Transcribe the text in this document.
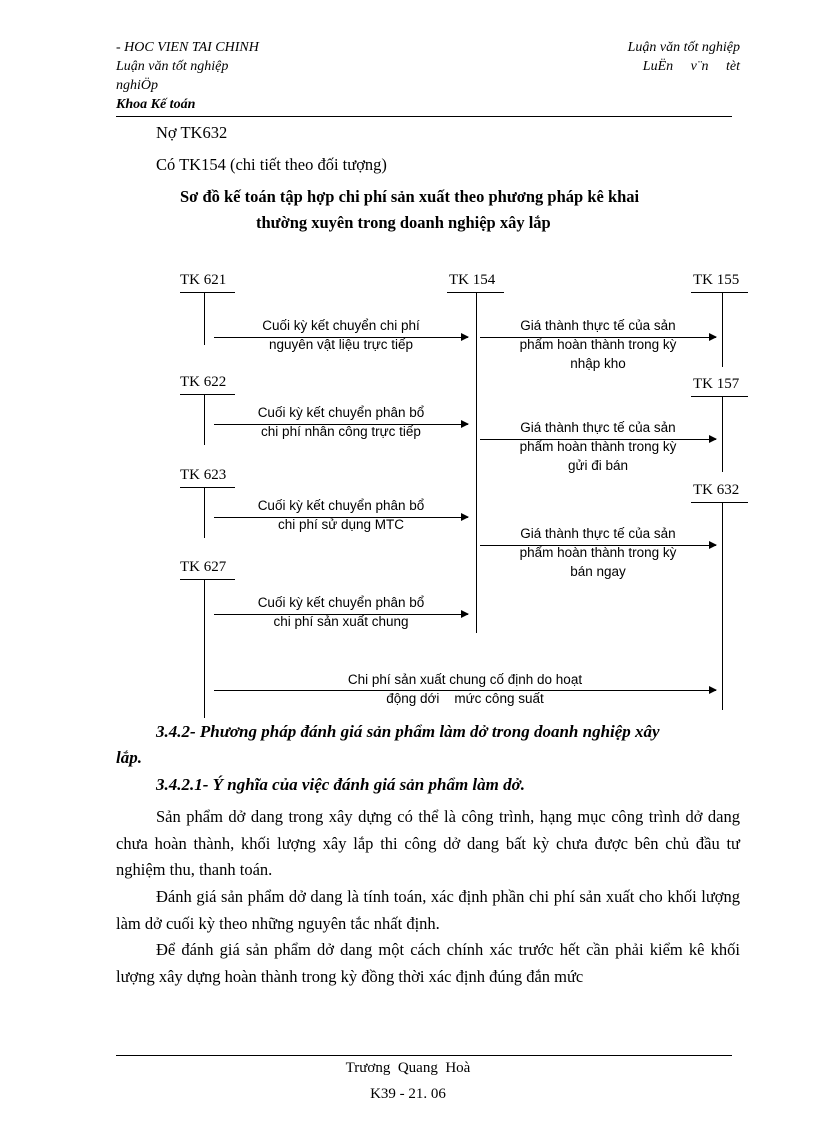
- HOC VIEN TAI CHINH
Luận văn tốt nghiệp
nghiÖp
Khoa Kế toán
Luận văn tốt nghiệp
LuËn     v¨n     tèt
Nợ TK632
Có TK154 (chi tiết theo đối tượng)
Sơ đồ kế toán tập hợp chi phí sản xuất theo phương pháp kê khai
thường xuyên trong doanh nghiệp xây lắp
TK 621	TK 154	TK 155
TK 622	TK 157
TK 623
TK 632
TK 627
Cuối kỳ kết chuyển chi phí
nguyên vật liệu trực tiếp
Cuối kỳ kết chuyển phân bổ
chi phí nhân công trực tiếp
Cuối kỳ kết chuyển phân bổ
chi phí sử dụng MTC
Cuối kỳ kết chuyển phân bổ
chi phí sản xuất chung
Giá thành thực tế của sản
phẩm hoàn thành trong kỳ
nhập kho
Giá thành thực tế của sản
phẩm hoàn thành trong kỳ
gửi đi bán
Giá thành thực tế của sản
phẩm hoàn thành trong kỳ
bán ngay
Chi phí sản xuất chung cố định do hoạt
động dới    mức công suất
3.4.2- Phương pháp đánh giá sản phẩm làm dở trong doanh nghiệp xây
lắp.
3.4.2.1- Ý nghĩa của việc đánh giá sản phẩm làm dở.
Sản phẩm dở dang trong xây dựng có thể là công trình, hạng mục công trình dở dang chưa hoàn thành, khối lượng xây lắp thi công dở dang bất kỳ chưa được bên chủ đầu tư nghiệm thu, thanh toán.
Đánh giá sản phẩm dở dang là tính toán, xác định phần chi phí sản xuất cho khối lượng làm dở cuối kỳ theo những nguyên tắc nhất định.
Để đánh giá sản phẩm dở dang một cách chính xác trước hết cần phải kiểm kê khối lượng xây dựng hoàn thành trong kỳ đồng thời xác định đúng đắn mức
Trương  Quang  Hoà
K39 - 21. 06
